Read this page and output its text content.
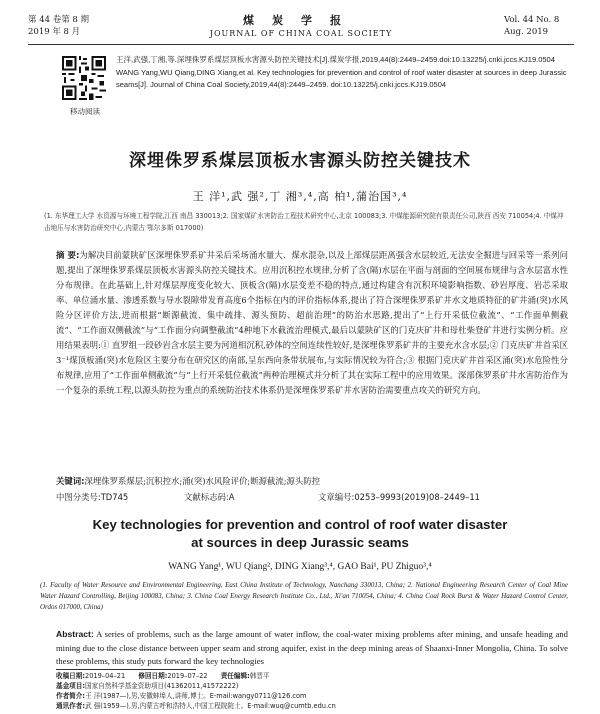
第 44 卷第 8 期
2019 年 8 月
煤炭学报
JOURNAL OF CHINA COAL SOCIETY
Vol. 44 No. 8
Aug. 2019
移动阅读

王洋,武强,丁湘,等.深埋侏罗系煤层顶板水害源头防控关键技术[J].煤炭学报,2019,44(8):2449–2459.doi:10.13225/j.cnki.jccs.KJ19.0504

WANG Yang,WU Qiang,DING Xiang,et al. Key technologies for prevention and control of roof water disaster at sources in deep Jurassic seams[J]. Journal of China Coal Society,2019,44(8):2449–2459. doi:10.13225/j.cnki.jccs.KJ19.0504

深埋侏罗系煤层顶板水害源头防控关键技术
王 洋¹,武 强²,丁 湘³,⁴,高 柏¹,蒲治国³,⁴
(1. 东华理工大学 水资源与环境工程学院,江西 南昌 330013;2. 国家煤矿水害防治工程技术研究中心,北京 100083;3. 中煤能源研究院有限责任公司,陕西 西安 710054;4. 中煤冲击地压与水害防治研究中心,内蒙古 鄂尔多斯 017000)
摘 要:为解决目前蒙陕矿区深埋侏罗系矿井采后采场涌水量大、煤水混杂,以及上部煤层距离强含水层较近,无法安全掘进与回采等一系列问题,提出了深埋侏罗系煤层顶板水害源头防控关键技术。应用沉积控水规律,分析了含(隔)水层在平面与剖面的空间展布规律与含水层富水性分布规律。在此基础上,针对煤层厚度变化较大、顶板含(隔)水层变差不稳的特点,通过构建含有沉积环境影响指数、砂岩厚度、岩芯采取率、单位涌水量、渗透系数与导水裂隙带发育高度6个指标在内的评价指标体系,提出了符合深埋侏罗系矿井水文地质特征的矿井涌(突)水风险分区评价方法,进而根据“断源截流、集中疏排、源头预防、超前治理”的防治水思路,提出了“上行开采低位截流”、“工作面单侧截流”、“工作面双侧截流”与“工作面分向调整截流”4种地下水截流治理模式,最后以蒙陕矿区的门克庆矿井和母杜柴登矿井进行实例分析。应用结果表明:① 直罗组一段砂岩含水层主要为河道相沉积,砂体的空间连续性较好,是深埋侏罗系矿井的主要充水含水层;② 门克庆矿井首采区3⁻¹煤顶板涌(突)水危险区主要分布在研究区的南部,呈东西向条带状展布,与实际情况较为符合;③ 根据门克庆矿井首采区涌(突)水危险性分布规律,应用了“工作面单侧截流”与“上行开采低位截流”两种治理模式并分析了其在实际工程中的应用效果。深部侏罗系矿井水害防治作为一个复杂的系统工程,以源头防控为重点的系统防治技术体系仍是深埋侏罗系矿井水害防治需要重点攻关的研究方向。
关键词:深埋侏罗系煤层;沉积控水;涌(突)水风险评价;断源截流;源头防控
中图分类号:TD745	文献标志码:A	文章编号:0253–9993(2019)08–2449–11
Key technologies for prevention and control of roof water disaster
at sources in deep Jurassic seams
WANG Yang¹, WU Qiang², DING Xiang³,⁴, GAO Bai¹, PU Zhiguo³,⁴
(1. Faculty of Water Resource and Environmental Engineering, East China Institute of Technology, Nanchang 330013, China; 2. National Engineering Research Center of Coal Mine Water Hazard Controlling, Beijing 100083, China; 3. China Coal Energy Research Institute Co., Ltd., Xi'an 710054, China; 4. China Coal Rock Burst & Water Hazard Control Center, Ordos 017000, China)
Abstract: A series of problems, such as the large amount of water inflow, the coal-water mixing problems after mining, and unsafe heading and mining due to the close distance between upper seam and strong aquifer, exist in the deep mining areas of Shaanxi-Inner Mongolia, China. To solve these problems, this study puts forward the key technologies
收稿日期:2019–04–21   修回日期:2019–07–22   责任编辑:韩晋平
基金项目:国家自然科学基金资助项目(41362011,41572222)
作者简介:王 洋(1987—),男,安徽蚌埠人,讲师,博士。E-mail:wangy0711@126.com
通讯作者:武 强(1959—),男,内蒙古呼和浩特人,中国工程院院士。E-mail:wuq@cumtb.edu.cn
